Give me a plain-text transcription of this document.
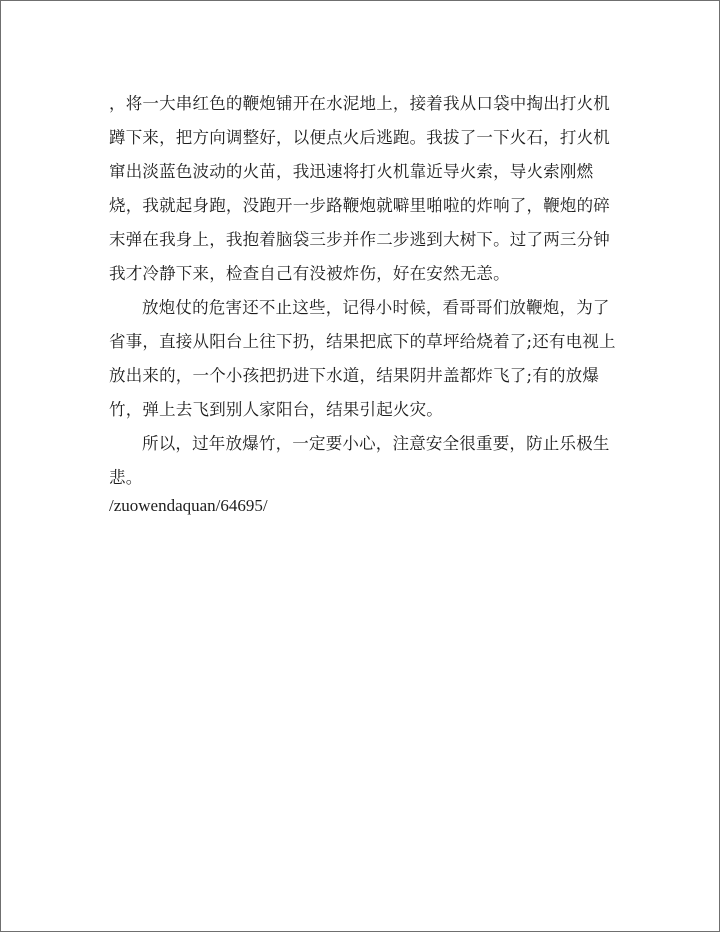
，将一大串红色的鞭炮铺开在水泥地上，接着我从口袋中掏出打火机蹲下来，把方向调整好，以便点火后逃跑。我拔了一下火石，打火机窜出淡蓝色波动的火苗，我迅速将打火机靠近导火索，导火索刚燃烧，我就起身跑，没跑开一步路鞭炮就噼里啪啦的炸响了，鞭炮的碎末弹在我身上，我抱着脑袋三步并作二步逃到大树下。过了两三分钟我才冷静下来，检查自己有没被炸伤，好在安然无恙。

放炮仗的危害还不止这些，记得小时候，看哥哥们放鞭炮，为了省事，直接从阳台上往下扔，结果把底下的草坪给烧着了;还有电视上放出来的，一个小孩把扔进下水道，结果阴井盖都炸飞了;有的放爆竹，弹上去飞到别人家阳台，结果引起火灾。

所以，过年放爆竹，一定要小心，注意安全很重要，防止乐极生悲。

/zuowendaquan/64695/
